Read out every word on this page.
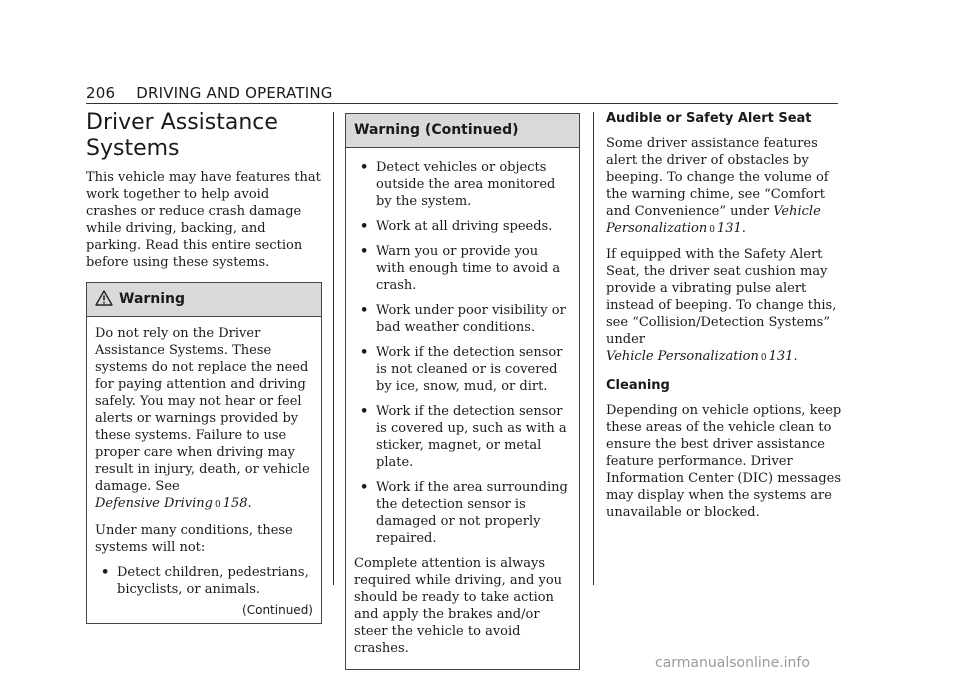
206 DRIVING AND OPERATING
Driver Assistance
Systems

This vehicle may have features that work together to help avoid crashes or reduce crash damage while driving, backing, and parking. Read this entire section before using these systems.

Warning

Do not rely on the Driver Assistance Systems. These systems do not replace the need for paying attention and driving safely. You may not hear or feel alerts or warnings provided by these systems. Failure to use proper care when driving may result in injury, death, or vehicle damage. See
Defensive Driving 0 158.

Under many conditions, these systems will not:

• Detect children, pedestrians, bicyclists, or animals.
(Continued)
Warning (Continued)
• Detect vehicles or objects outside the area monitored by the system.
• Work at all driving speeds.
• Warn you or provide you with enough time to avoid a crash.
• Work under poor visibility or bad weather conditions.
• Work if the detection sensor is not cleaned or is covered by ice, snow, mud, or dirt.
• Work if the detection sensor is covered up, such as with a sticker, magnet, or metal plate.
• Work if the area surrounding the detection sensor is damaged or not properly repaired.

Complete attention is always required while driving, and you should be ready to take action and apply the brakes and/or steer the vehicle to avoid crashes.

Audible or Safety Alert Seat

Some driver assistance features alert the driver of obstacles by beeping. To change the volume of the warning chime, see “Comfort and Convenience” under Vehicle Personalization 0 131.

If equipped with the Safety Alert Seat, the driver seat cushion may provide a vibrating pulse alert instead of beeping. To change this, see “Collision/Detection Systems” under
Vehicle Personalization 0 131.

Cleaning

Depending on vehicle options, keep these areas of the vehicle clean to ensure the best driver assistance feature performance. Driver Information Center (DIC) messages may display when the systems are unavailable or blocked.

carmanualsonline.info
